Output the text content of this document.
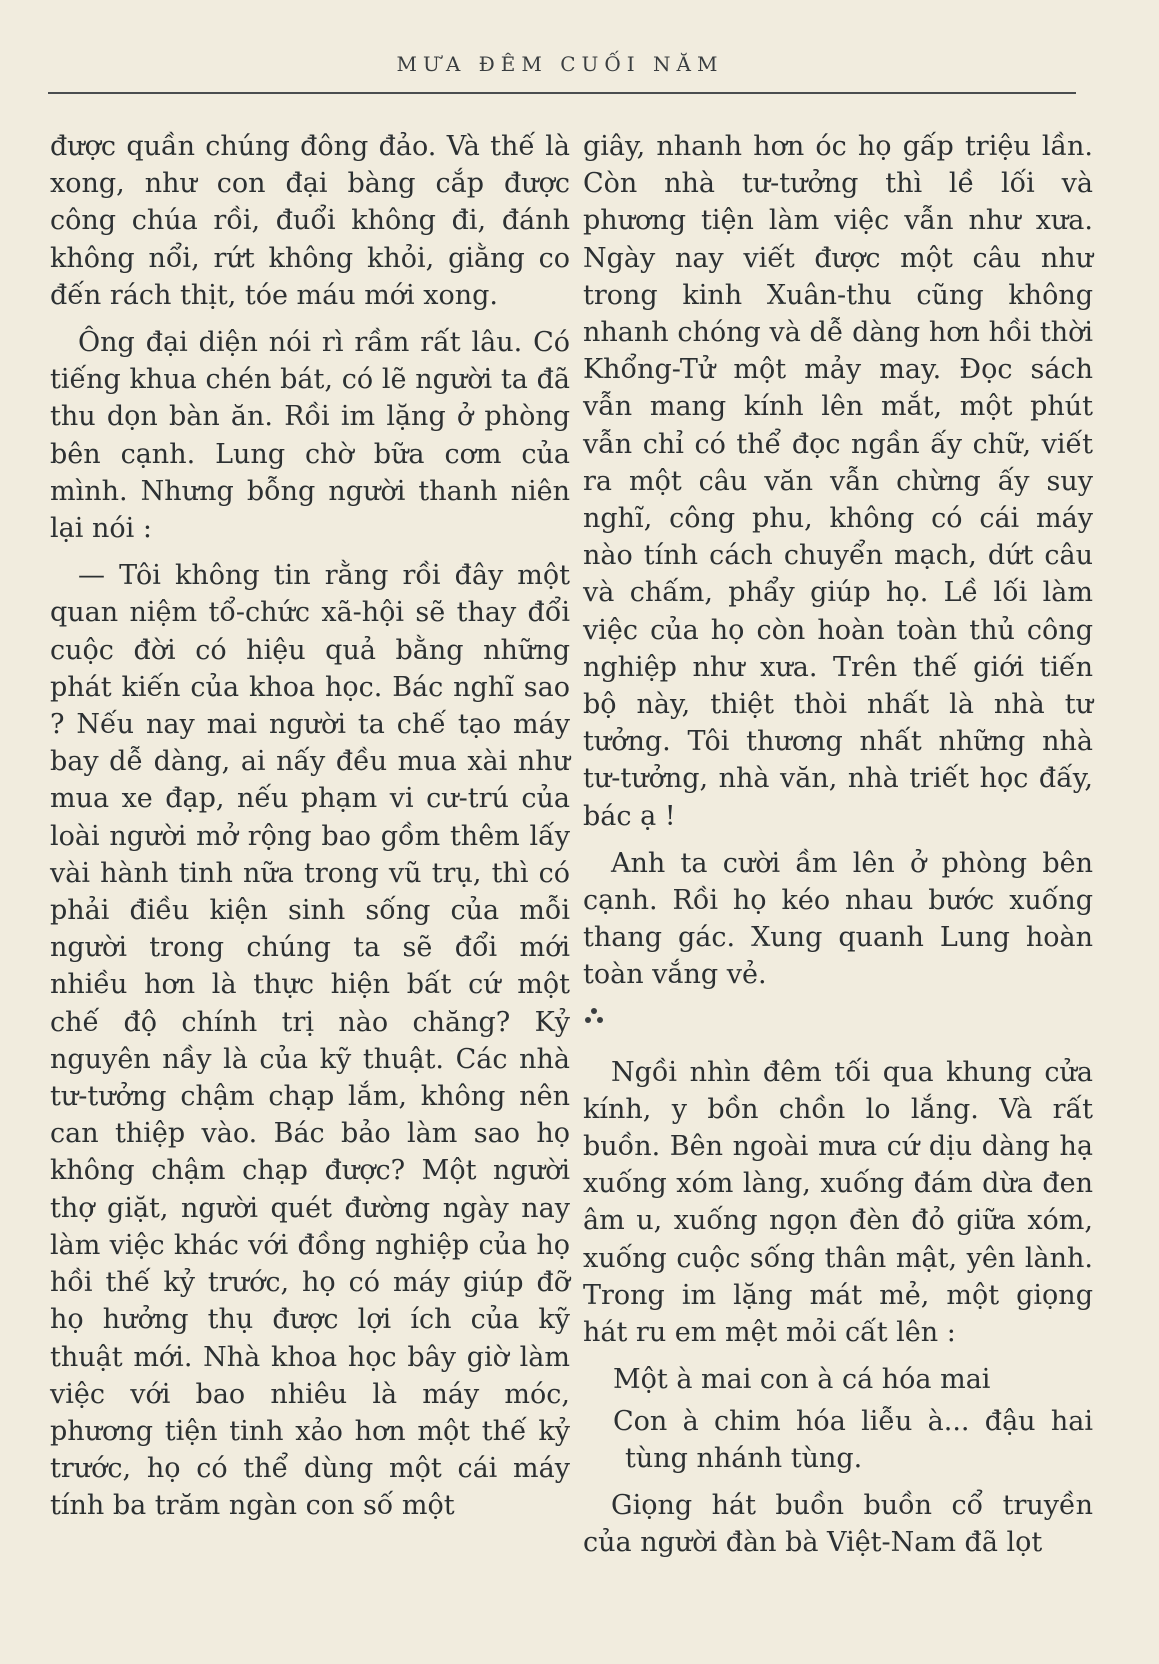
MƯA ĐÊM CUỐI NĂM

được quần chúng đông đảo. Và thế là xong, như con đại bàng cắp được công chúa rồi, đuổi không đi, đánh không nổi, rứt không khỏi, giằng co đến rách thịt, tóe máu mới xong.

Ông đại diện nói rì rầm rất lâu. Có tiếng khua chén bát, có lẽ người ta đã thu dọn bàn ăn. Rồi im lặng ở phòng bên cạnh. Lung chờ bữa cơm của mình. Nhưng bỗng người thanh niên lại nói :

— Tôi không tin rằng rồi đây một quan niệm tổ-chức xã-hội sẽ thay đổi cuộc đời có hiệu quả bằng những phát kiến của khoa học. Bác nghĩ sao ? Nếu nay mai người ta chế tạo máy bay dễ dàng, ai nấy đều mua xài như mua xe đạp, nếu phạm vi cư-trú của loài người mở rộng bao gồm thêm lấy vài hành tinh nữa trong vũ trụ, thì có phải điều kiện sinh sống của mỗi người trong chúng ta sẽ đổi mới nhiều hơn là thực hiện bất cứ một chế độ chính trị nào chăng? Kỷ nguyên nầy là của kỹ thuật. Các nhà tư-tưởng chậm chạp lắm, không nên can thiệp vào. Bác bảo làm sao họ không chậm chạp được? Một người thợ giặt, người quét đường ngày nay làm việc khác với đồng nghiệp của họ hồi thế kỷ trước, họ có máy giúp đỡ họ hưởng thụ được lợi ích của kỹ thuật mới. Nhà khoa học bây giờ làm việc với bao nhiêu là máy móc, phương tiện tinh xảo hơn một thế kỷ trước, họ có thể dùng một cái máy tính ba trăm ngàn con số một

giây, nhanh hơn óc họ gấp triệu lần. Còn nhà tư-tưởng thì lề lối và phương tiện làm việc vẫn như xưa. Ngày nay viết được một câu như trong kinh Xuân-thu cũng không nhanh chóng và dễ dàng hơn hồi thời Khổng-Tử một mảy may. Đọc sách vẫn mang kính lên mắt, một phút vẫn chỉ có thể đọc ngần ấy chữ, viết ra một câu văn vẫn chừng ấy suy nghĩ, công phu, không có cái máy nào tính cách chuyển mạch, dứt câu và chấm, phẩy giúp họ. Lề lối làm việc của họ còn hoàn toàn thủ công nghiệp như xưa. Trên thế giới tiến bộ này, thiệt thòi nhất là nhà tư tưởng. Tôi thương nhất những nhà tư-tưởng, nhà văn, nhà triết học đấy, bác ạ !

Anh ta cười ầm lên ở phòng bên cạnh. Rồi họ kéo nhau bước xuống thang gác. Xung quanh Lung hoàn toàn vắng vẻ.

Ngồi nhìn đêm tối qua khung cửa kính, y bồn chồn lo lắng. Và rất buồn. Bên ngoài mưa cứ dịu dàng hạ xuống xóm làng, xuống đám dừa đen âm u, xuống ngọn đèn đỏ giữa xóm, xuống cuộc sống thân mật, yên lành. Trong im lặng mát mẻ, một giọng hát ru em mệt mỏi cất lên :

Một à mai con à cá hóa mai

Con à chim hóa liễu à... đậu hai tùng nhánh tùng.

Giọng hát buồn buồn cổ truyền của người đàn bà Việt-Nam đã lọt
